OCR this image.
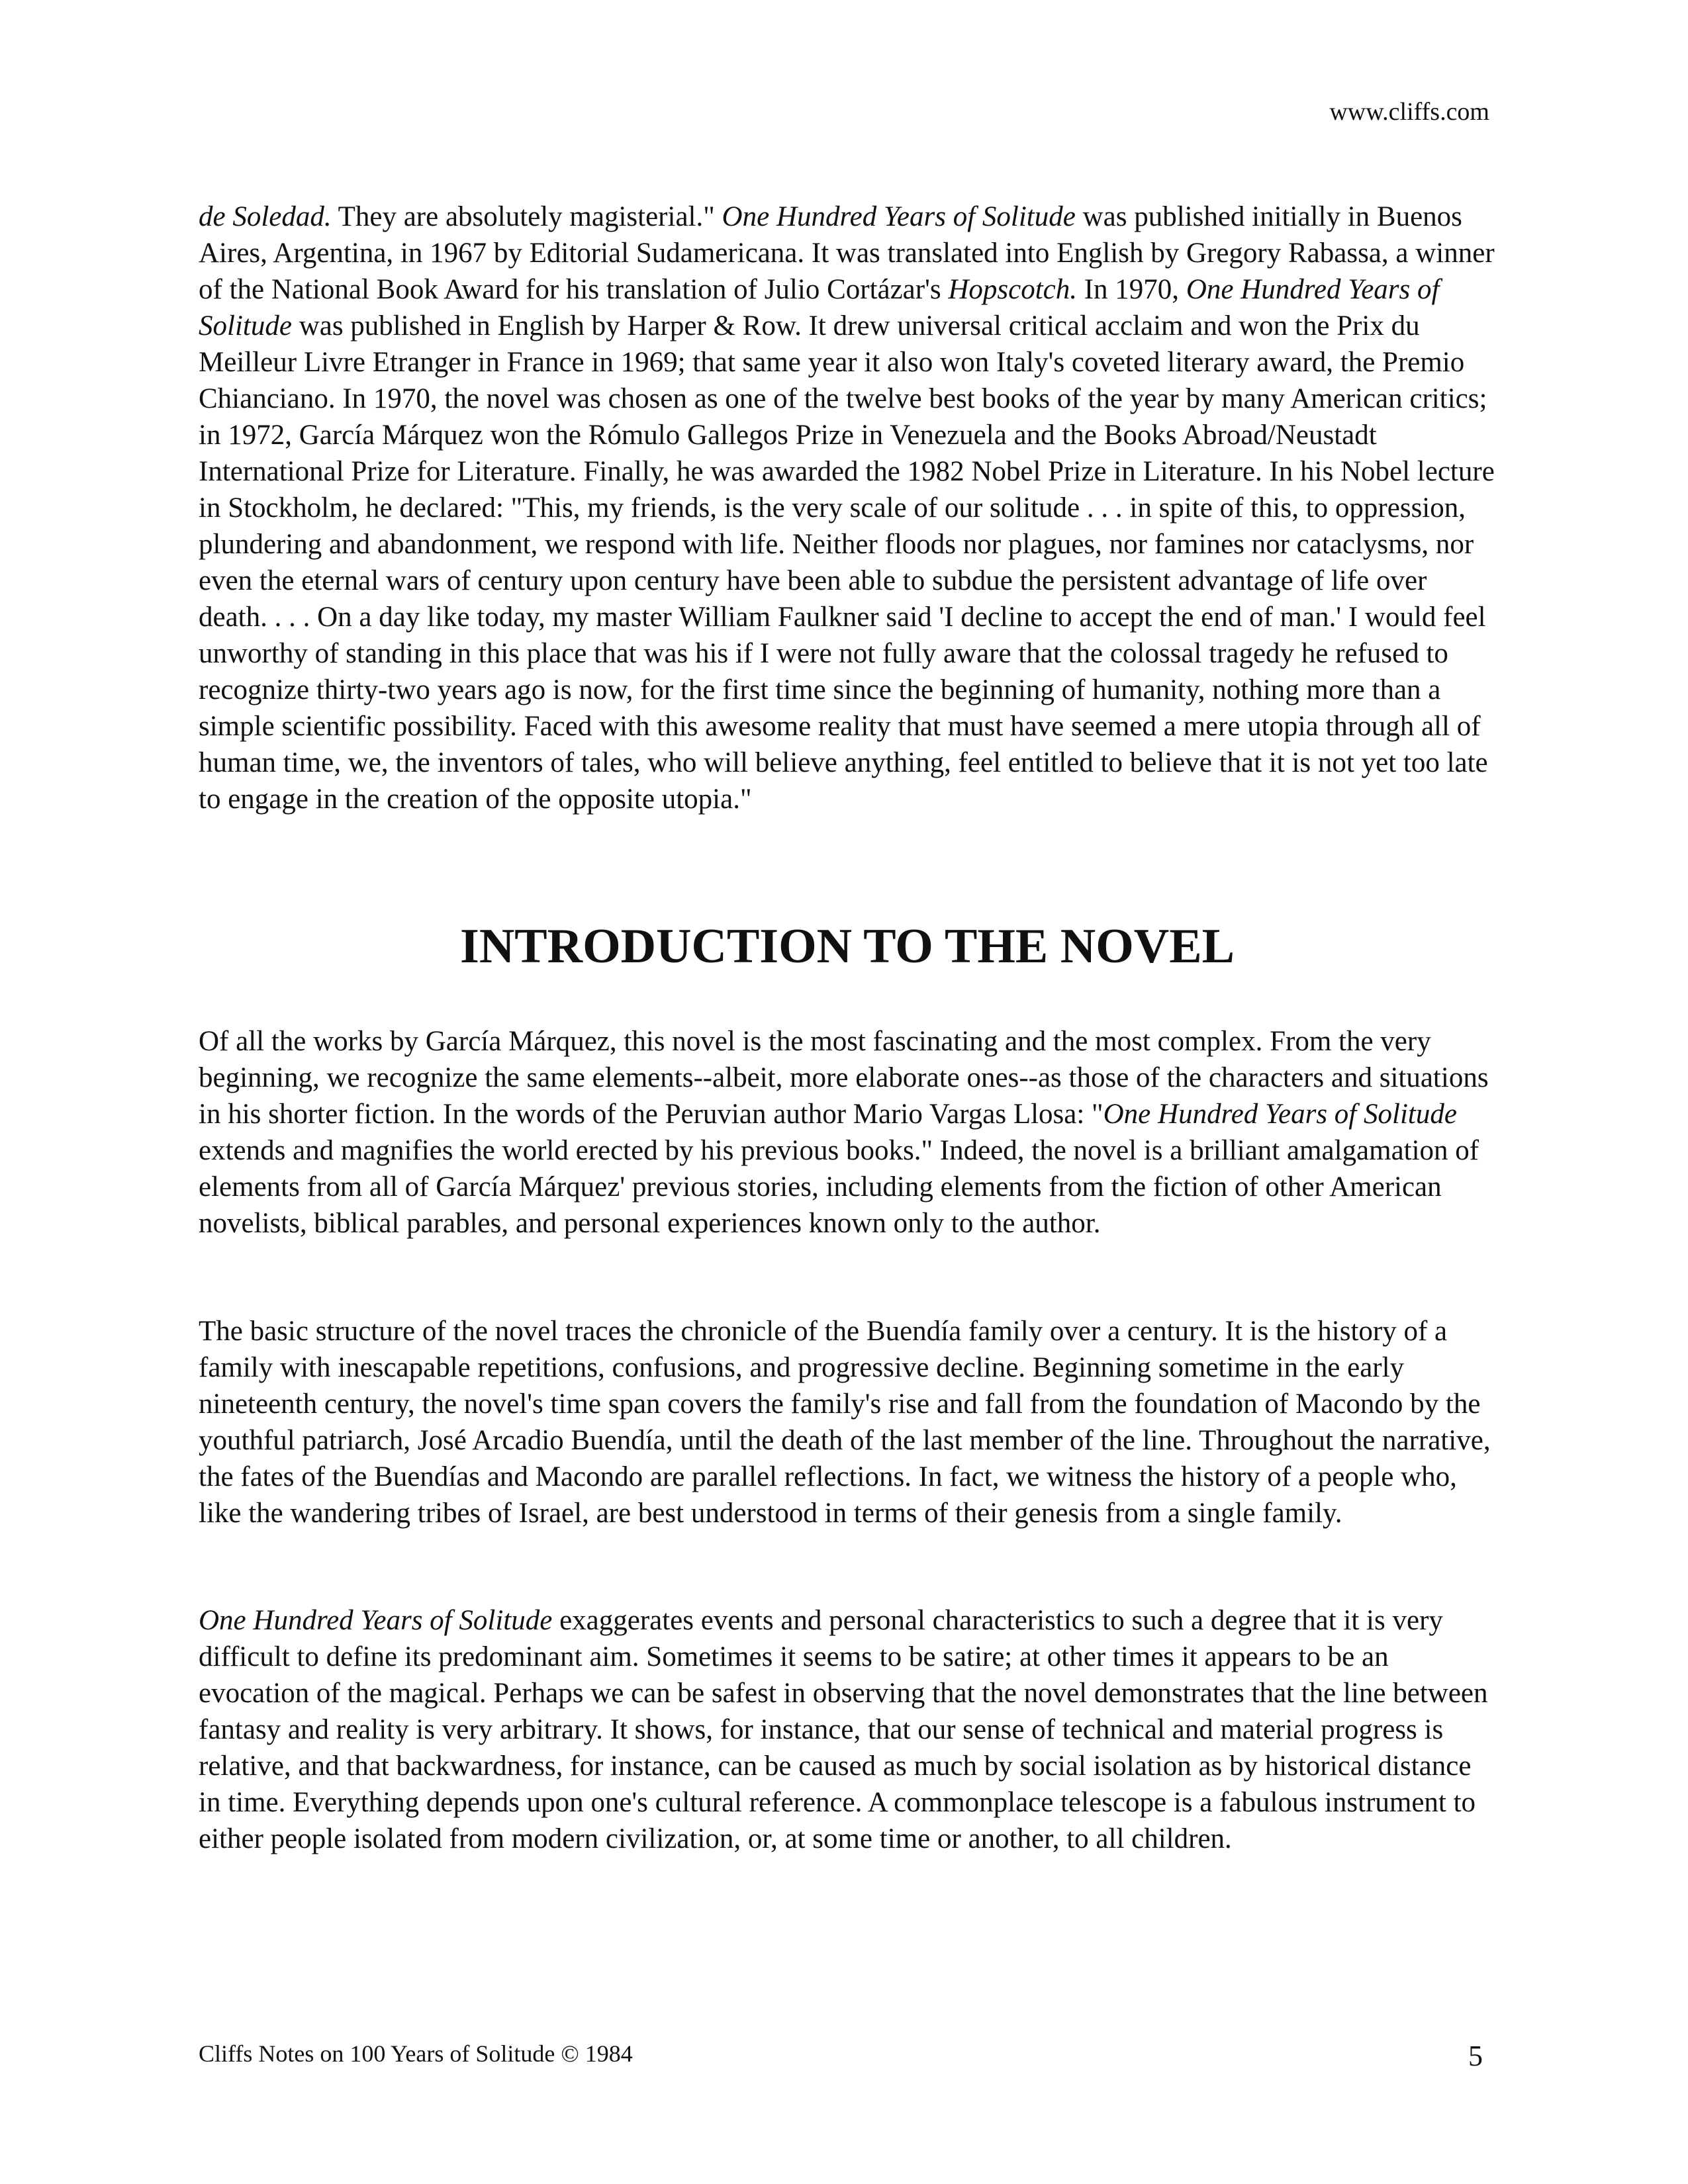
www.cliffs.com

de Soledad. They are absolutely magisterial." One Hundred Years of Solitude was published initially in Buenos Aires, Argentina, in 1967 by Editorial Sudamericana. It was translated into English by Gregory Rabassa, a winner of the National Book Award for his translation of Julio Cortázar's Hopscotch. In 1970, One Hundred Years of Solitude was published in English by Harper & Row. It drew universal critical acclaim and won the Prix du Meilleur Livre Etranger in France in 1969; that same year it also won Italy's coveted literary award, the Premio Chianciano. In 1970, the novel was chosen as one of the twelve best books of the year by many American critics; in 1972, García Márquez won the Rómulo Gallegos Prize in Venezuela and the Books Abroad/Neustadt International Prize for Literature. Finally, he was awarded the 1982 Nobel Prize in Literature. In his Nobel lecture in Stockholm, he declared: "This, my friends, is the very scale of our solitude . . . in spite of this, to oppression, plundering and abandonment, we respond with life. Neither floods nor plagues, nor famines nor cataclysms, nor even the eternal wars of century upon century have been able to subdue the persistent advantage of life over death. . . . On a day like today, my master William Faulkner said 'I decline to accept the end of man.' I would feel unworthy of standing in this place that was his if I were not fully aware that the colossal tragedy he refused to recognize thirty-two years ago is now, for the first time since the beginning of humanity, nothing more than a simple scientific possibility. Faced with this awesome reality that must have seemed a mere utopia through all of human time, we, the inventors of tales, who will believe anything, feel entitled to believe that it is not yet too late to engage in the creation of the opposite utopia."

INTRODUCTION TO THE NOVEL

Of all the works by García Márquez, this novel is the most fascinating and the most complex. From the very beginning, we recognize the same elements--albeit, more elaborate ones--as those of the characters and situations in his shorter fiction. In the words of the Peruvian author Mario Vargas Llosa: "One Hundred Years of Solitude extends and magnifies the world erected by his previous books." Indeed, the novel is a brilliant amalgamation of elements from all of García Márquez' previous stories, including elements from the fiction of other American novelists, biblical parables, and personal experiences known only to the author.

The basic structure of the novel traces the chronicle of the Buendía family over a century. It is the history of a family with inescapable repetitions, confusions, and progressive decline. Beginning sometime in the early nineteenth century, the novel's time span covers the family's rise and fall from the foundation of Macondo by the youthful patriarch, José Arcadio Buendía, until the death of the last member of the line. Throughout the narrative, the fates of the Buendías and Macondo are parallel reflections. In fact, we witness the history of a people who, like the wandering tribes of Israel, are best understood in terms of their genesis from a single family.

One Hundred Years of Solitude exaggerates events and personal characteristics to such a degree that it is very difficult to define its predominant aim. Sometimes it seems to be satire; at other times it appears to be an evocation of the magical. Perhaps we can be safest in observing that the novel demonstrates that the line between fantasy and reality is very arbitrary. It shows, for instance, that our sense of technical and material progress is relative, and that backwardness, for instance, can be caused as much by social isolation as by historical distance in time. Everything depends upon one's cultural reference. A commonplace telescope is a fabulous instrument to either people isolated from modern civilization, or, at some time or another, to all children.

Cliffs Notes on 100 Years of Solitude © 1984	5
